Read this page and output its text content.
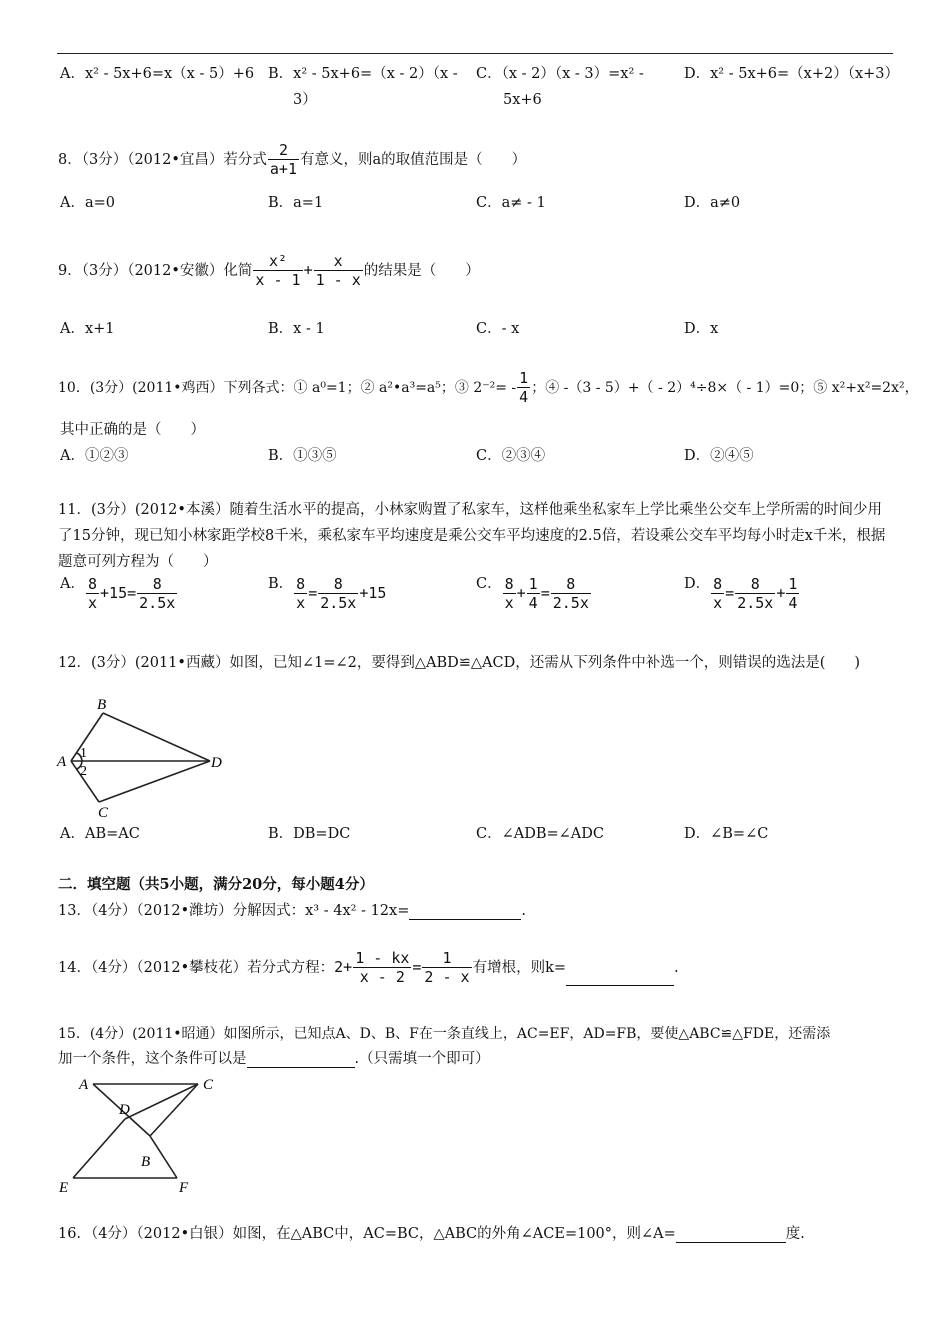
A．x² - 5x+6=x（x - 5）+6 B．x² - 5x+6=（x - 2）（x -
3）
C．（x - 2）（x - 3）=x² -
5x+6
D．x² - 5x+6=（x+2）（x+3）
8．（3分）（2012•宜昌）若分式 $\frac{2}{a+1}$ 有意义，则a的取值范围是（　　）
A．a=0	B．a=1	C．a≠ - 1	D．a≠0
9．（3分）（2012•安徽）化简 $\frac{\text{x²}}{x - 1} + \frac{x}{1 - x}$ 的结果是（　　）
A．x+1	B．x - 1	C．- x	D．x
10．(3分）(2011•鸡西）下列各式：① a⁰=1；② a²•a³=a⁵；③ $2^{-2}= - \frac{1}{4}$ ；④ -（3 - 5）+（ - 2）⁴÷8×（ - 1）=0；⑤ x²+x²=2x²，
其中正确的是（　　）
A．①②③	B．①③⑤	C．②③④	D．②④⑤
11．(3分）(2012•本溪）随着生活水平的提高，小林家购置了私家车，这样他乘坐私家车上学比乘坐公交车上学所需的时间少用了15分钟，现已知小林家距学校8千米，乘私家车平均速度是乘公交车平均速度的2.5倍，若设乘公交车平均每小时走x千米，根据题意可列方程为（　　）
A． $\frac{8}{x} +15= \frac{8}{2.5x}$	B． $\frac{8}{x} = \frac{8}{2.5x} +15$
C． $\frac{8}{x} + \frac{1}{4} = \frac{8}{2.5x}$	D． $\frac{8}{x} = \frac{8}{2.5x} + \frac{1}{4}$
12．(3分）(2011•西藏）如图，已知∠1=∠2，要得到△ABD≌△ACD，还需从下列条件中补选一个，则错误的选法是(　　)
B
A
1
2
D
C
A．AB=AC	B．DB=DC	C．∠ADB=∠ADC	D．∠B=∠C
二．填空题（共5小题，满分20分，每小题4分）
13．（4分）（2012•潍坊）分解因式：x³ - 4x² - 12x=	.
14．（4分）（2012•攀枝花）若分式方程：$2+ \frac{1 - kx}{x - 2} = \frac{1}{2 - x}$ 有增根，则k=	.
15．(4分）(2011•昭通）如图所示，已知点A、D、B、F在一条直线上，AC=EF，AD=FB，要使△ABC≌△FDE，还需添
加一个条件，这个条件可以是	.（只需填一个即可）
A	C
D
B
E	F
16．（4分）（2012•白银）如图，在△ABC中，AC=BC，△ABC的外角∠ACE=100°，则∠A=	度.
